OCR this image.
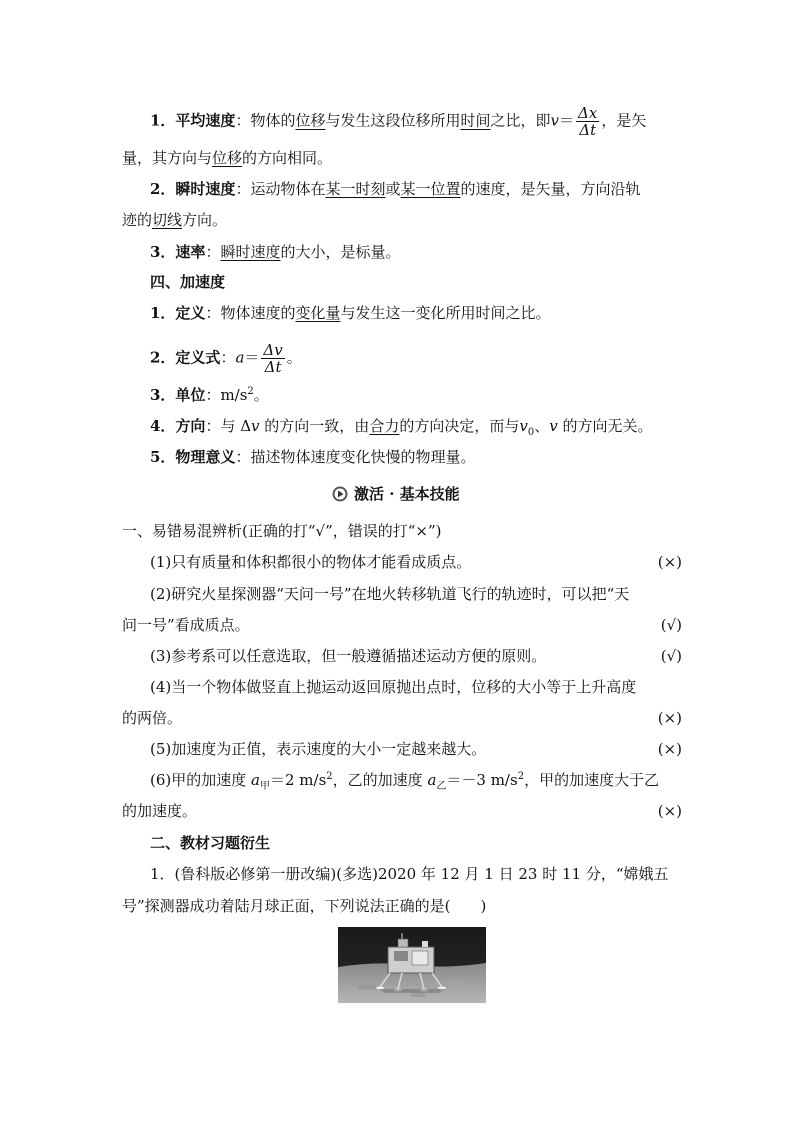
1．平均速度：物体的位移与发生这段位移所用时间之比，即$v= \frac{\Delta x}{\Delta t}$ ，是矢
量，其方向与位移的方向相同。
2．瞬时速度：运动物体在某一时刻或某一位置的速度，是矢量，方向沿轨
迹的切线方向。
3．速率：瞬时速度的大小，是标量。
四、加速度
1．定义：物体速度的变化量与发生这一变化所用时间之比。
2．定义式：$a= \frac{\Delta v}{\Delta t}$ 。
3．单位：$m/s^2$。
4．方向：与 Δv 的方向一致，由合力的方向决定，而与$v_0$、v 的方向无关。
5．物理意义：描述物体速度变化快慢的物理量。
激活 · 基本技能
一、易错易混辨析(正确的打“√”，错误的打“×”)
(1)只有质量和体积都很小的物体才能看成质点。	(×)
(2)研究火星探测器“天问一号”在地火转移轨道飞行的轨迹时，可以把“天
问一号”看成质点。	(√)
(3)参考系可以任意选取，但一般遵循描述运动方便的原则。	(√)
(4)当一个物体做竖直上抛运动返回原抛出点时，位移的大小等于上升高度
的两倍。	(×)
(5)加速度为正值，表示速度的大小一定越来越大。	(×)
(6)甲的加速度 $a_甲=2$ $m/s^2$，乙的加速度 $a_乙=-3$ $m/s^2$，甲的加速度大于乙
的加速度。	(×)
二、教材习题衍生
1．(鲁科版必修第一册改编)(多选)2020 年 12 月 1 日 23 时 11 分，“嫦娥五
号”探测器成功着陆月球正面，下列说法正确的是(　　)
